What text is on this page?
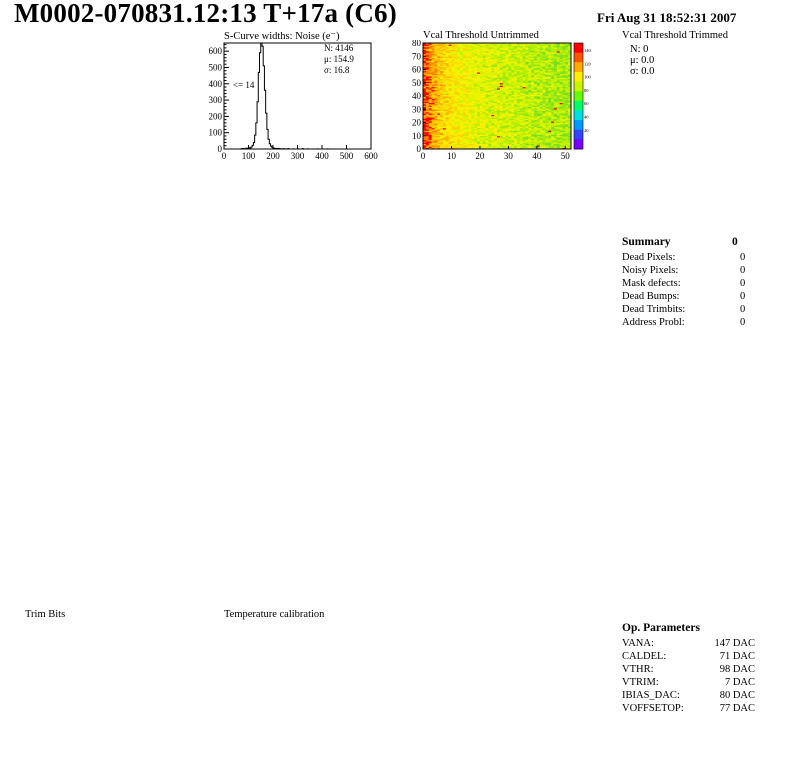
M0002-070831.12:13 T+17a (C6)	Fri Aug 31 18:52:31 2007
S-Curve widths: Noise (e⁻)
0 100 200 300 400 500 600
0
100
200
300
400
500
600	N: 4146
μ: 154.9
σ: 16.8
<= 14
Vcal Threshold Untrimmed
0 10 20 30 40 50
0
10
20
30
40
50
60
70
80
140
120
100
80
60
40
20
Vcal Threshold Trimmed
N: 0
μ: 0.0
σ: 0.0
Summary	0
Dead Pixels:	0
Noisy Pixels:	0
Mask defects:	0
Dead Bumps:	0
Dead Trimbits:	0
Address Probl:	0
Trim Bits	Temperature calibration
Op. Parameters
VANA:	147 DAC
CALDEL:	71 DAC
VTHR:	98 DAC
VTRIM:	7 DAC
IBIAS_DAC:	80 DAC
VOFFSETOP:	77 DAC
